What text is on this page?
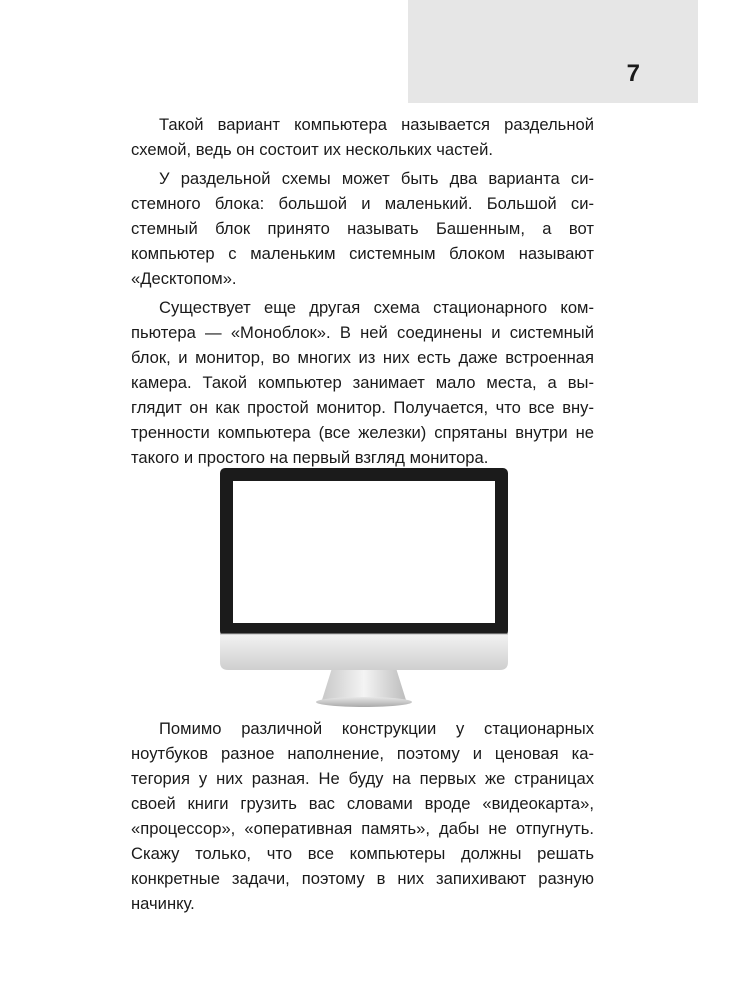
7

Такой вариант компьютера называется раздельной схемой, ведь он состоит их нескольких частей.

У раздельной схемы может быть два варианта системного блока: большой и маленький. Большой системный блок принято называть Башенным, а вот компьютер с маленьким системным блоком называют «Десктопом».

Существует еще другая схема стационарного компьютера — «Моноблок». В ней соединены и системный блок, и монитор, во многих из них есть даже встроенная камера. Такой компьютер занимает мало места, а выглядит он как простой монитор. Получается, что все внутренности компьютера (все железки) спрятаны внутри не такого и простого на первый взгляд монитора.

Помимо различной конструкции у стационарных ноутбуков разное наполнение, поэтому и ценовая категория у них разная. Не буду на первых же страницах своей книги грузить вас словами вроде «видеокарта», «процессор», «оперативная память», дабы не отпугнуть. Скажу только, что все компьютеры должны решать конкретные задачи, поэтому в них запихивают разную начинку.
